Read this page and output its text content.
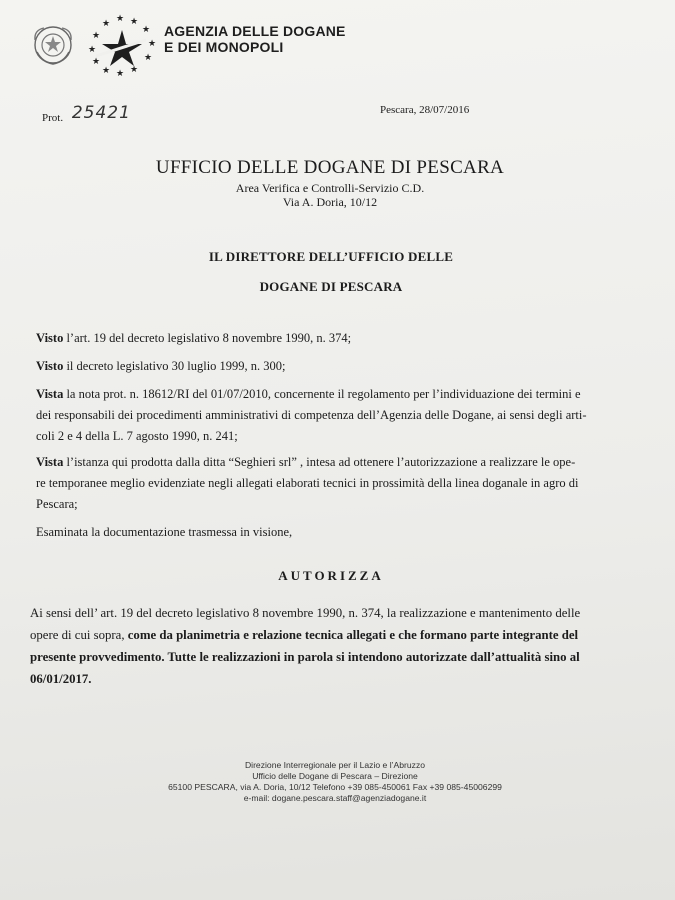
★ ★
★
★
★
★
★
★
★
★
★ ★
AGENZIA DELLE DOGANE
E DEI MONOPOLI
Prot. 25421	Pescara, 28/07/2016
UFFICIO DELLE DOGANE DI PESCARA
Area Verifica e Controlli-Servizio C.D.
Via A. Doria, 10/12
IL DIRETTORE DELL’UFFICIO DELLE
DOGANE DI PESCARA
Visto l’art. 19 del decreto legislativo 8 novembre 1990, n. 374;
Visto il decreto legislativo 30 luglio 1999, n. 300;
Vista la nota prot. n. 18612/RI del 01/07/2010, concernente il regolamento per l’individuazione dei termini e
dei responsabili dei procedimenti amministrativi di competenza dell’Agenzia delle Dogane, ai sensi degli arti-
coli 2 e 4 della L. 7 agosto 1990, n. 241;
Vista l’istanza qui prodotta dalla ditta “Seghieri srl” , intesa ad ottenere l’autorizzazione a realizzare le ope-
re temporanee meglio evidenziate negli allegati elaborati tecnici in prossimità della linea doganale in agro di
Pescara;
Esaminata la documentazione trasmessa in visione,
AUTORIZZA
Ai sensi dell’ art. 19 del decreto legislativo 8 novembre 1990, n. 374, la realizzazione e mantenimento delle
opere di cui sopra, come da planimetria e relazione tecnica allegati e che formano parte integrante del
presente provvedimento. Tutte le realizzazioni in parola si intendono autorizzate dall’attualità sino al
06/01/2017.
Direzione Interregionale per il Lazio e l’Abruzzo
Ufficio delle Dogane di Pescara – Direzione
65100 PESCARA, via A. Doria, 10/12 Telefono +39 085-450061 Fax +39 085-45006299
e-mail: dogane.pescara.staff@agenziadogane.it
